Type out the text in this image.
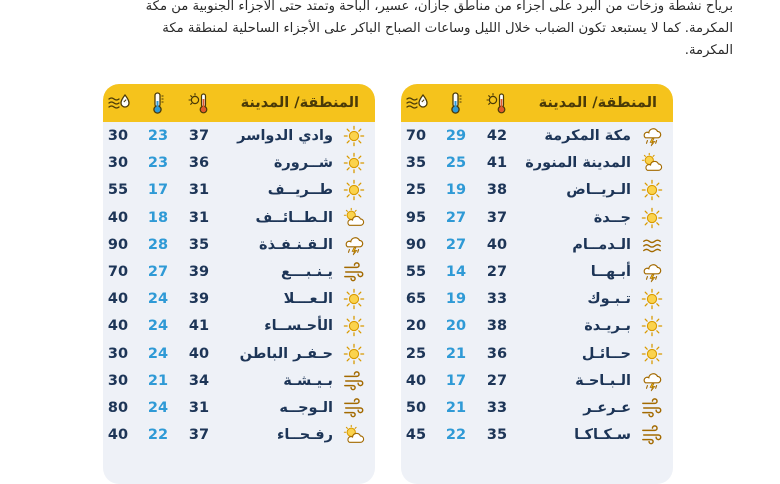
برياح نشطة وزخات من البرد على أجزاء من مناطق جازان، عسير، الباحة وتمتد حتى الأجزاء الجنوبية من مكة
المكرمة. كما لا يستبعد تكون الضباب خلال الليل وساعات الصباح الباكر على الأجزاء الساحلية لمنطقة مكة
المكرمة.

المنطقة/ المدينة
مكة المكرمة
42
29
70
المدينة المنورة
41
25
35
الـريــاض
38
19
25
جــدة
37
27
95
الـدمــام
40
27
90
أبـهــا
27
14
55
تـبـوك
33
19
65
بـريـدة
38
20
20
حــائـل
36
21
25
الـبـاحـة
27
17
40
عـرعـر
33
21
50
سـكـاكـا
35
22
45
المنطقة/ المدينة
وادي الدواسر
37
23
30
شــرورة
36
23
30
طــريــف
31
17
55
الـطــائــف
31
18
40
الـقـنـفـذة
35
28
90
يـنـبـــع
39
27
70
الـعـــلا
39
24
40
الأحـســاء
41
24
40
حـفـر الباطن
40
24
30
بـيـشـة
34
21
30
الـوجــه
31
24
80
رفـحــاء
37
22
40
